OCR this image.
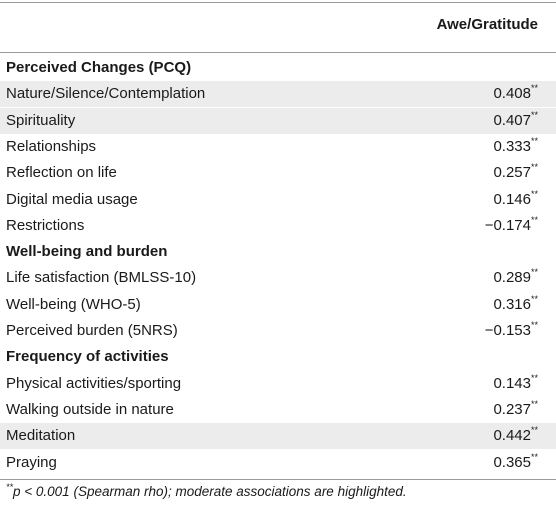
Awe/Gratitude
Perceived Changes (PCQ)
Nature/Silence/Contemplation	0.408**
Spirituality	0.407**
Relationships	0.333**
Reflection on life	0.257**
Digital media usage	0.146**
Restrictions	−0.174**
Well-being and burden
Life satisfaction (BMLSS-10)	0.289**
Well-being (WHO-5)	0.316**
Perceived burden (5NRS)	−0.153**
Frequency of activities
Physical activities/sporting	0.143**
Walking outside in nature	0.237**
Meditation	0.442**
Praying	0.365**
**p < 0.001 (Spearman rho); moderate associations are highlighted.
